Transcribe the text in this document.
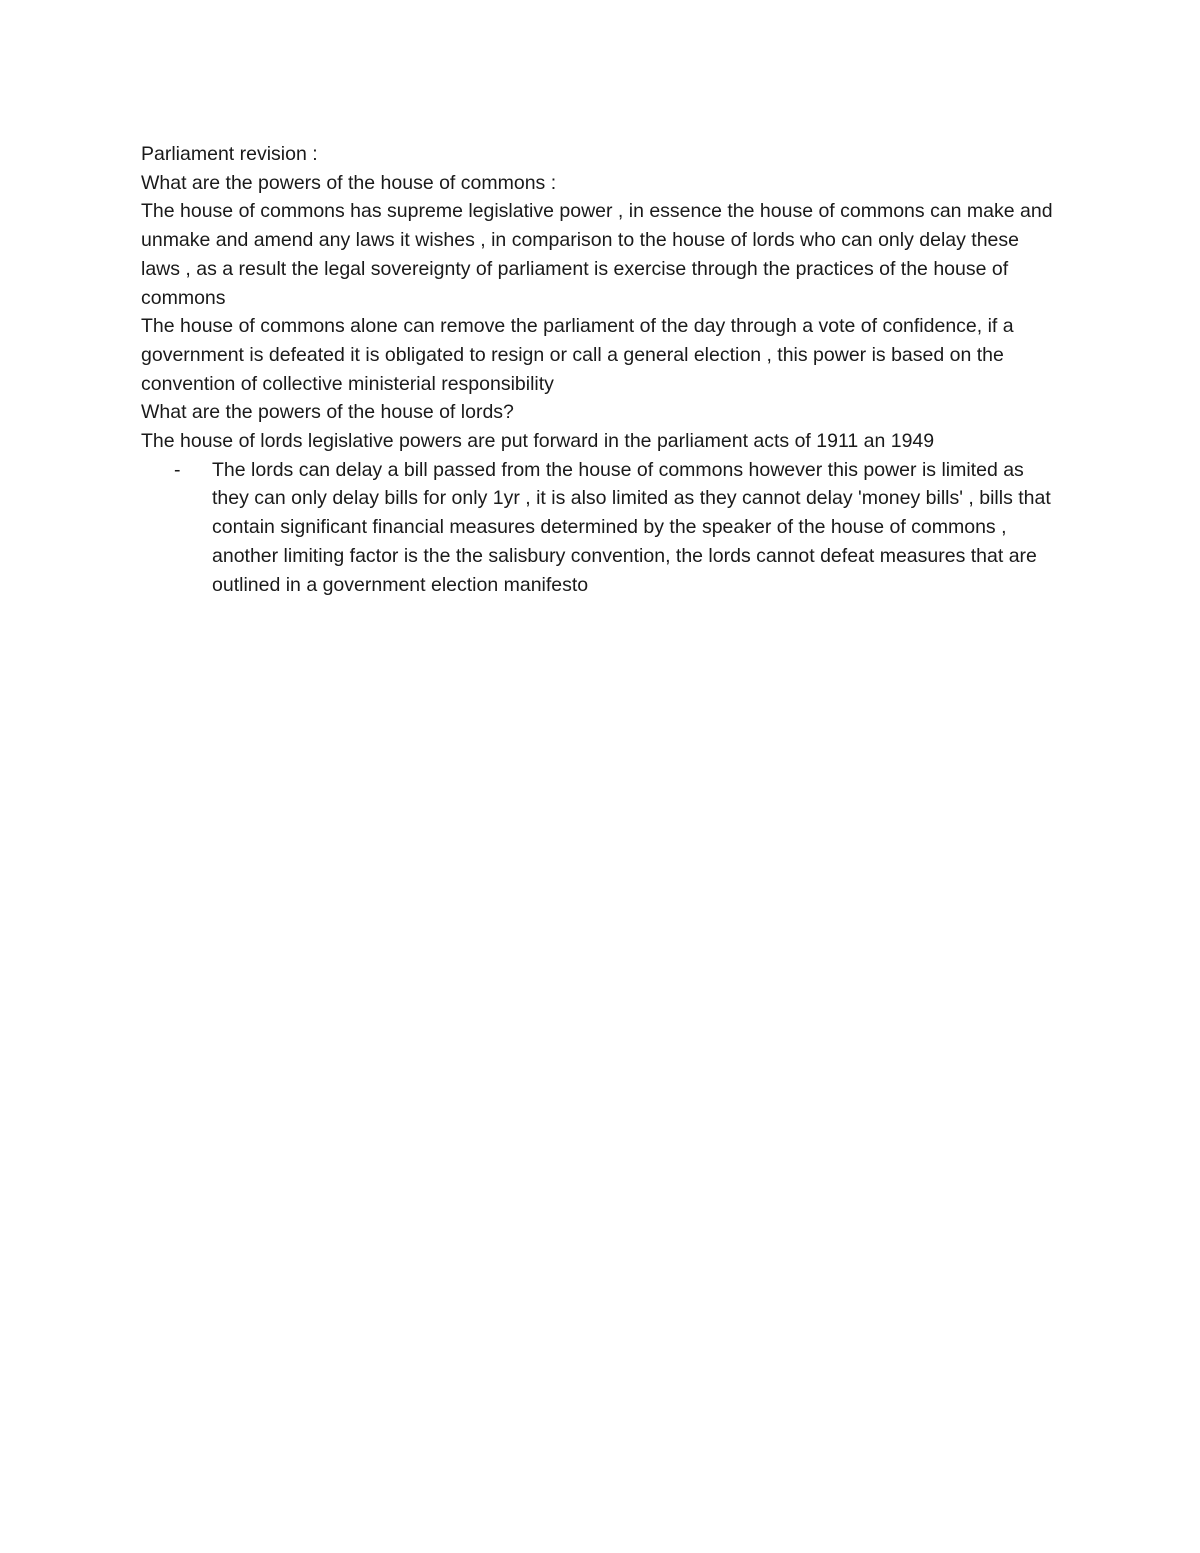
Parliament revision :

What are the powers of the house of commons :

The house of commons has supreme legislative power , in essence the house of commons can make and unmake and amend any laws it wishes , in comparison to the house of lords who can only delay these laws , as a result the legal sovereignty of parliament is exercise through the practices of the house of commons

The house of commons alone can remove the parliament of the day through a vote of confidence, if a government is defeated it is obligated to resign or call a general election , this power is based on the convention of collective ministerial responsibility

What are the powers of the house of lords?

The house of lords legislative powers are put forward in the parliament acts of 1911 an 1949

- The lords can delay a bill passed from the house of commons however this power is limited as they can only delay bills for only 1yr , it is also limited as they cannot delay 'money bills' , bills that contain significant financial measures determined by the speaker of the house of commons , another limiting factor is the the salisbury convention, the lords cannot defeat measures that are outlined in a government election manifesto
